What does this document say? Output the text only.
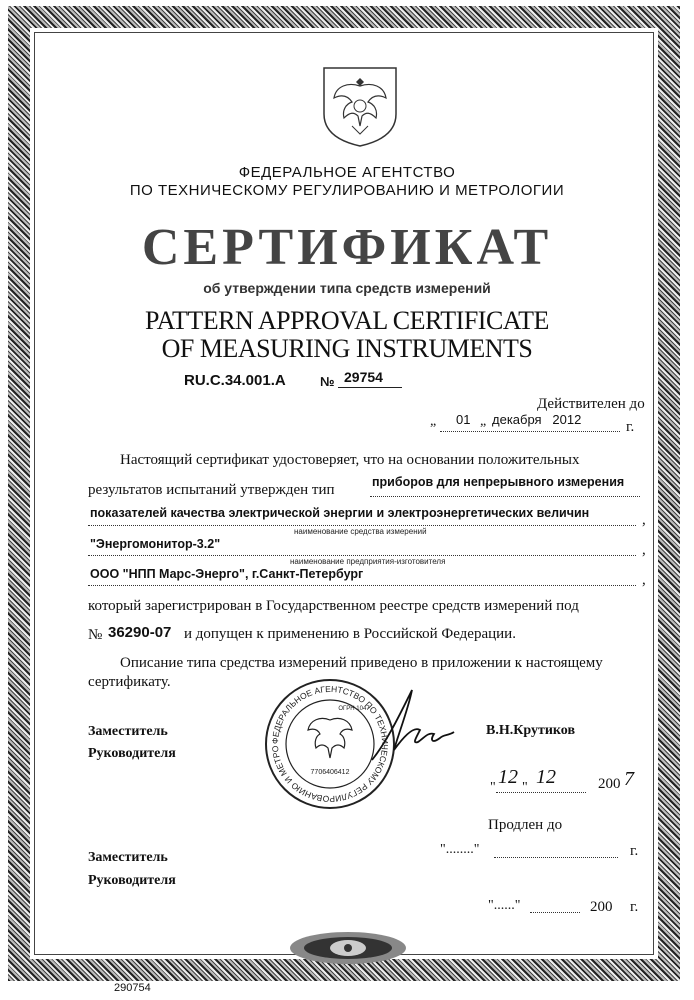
ФЕДЕРАЛЬНОЕ АГЕНТСТВО
ПО ТЕХНИЧЕСКОМУ РЕГУЛИРОВАНИЮ И МЕТРОЛОГИИ
СЕРТИФИКАТ
об утверждении типа средств измерений
PATTERN APPROVAL CERTIFICATE
OF MEASURING INSTRUMENTS
RU.C.34.001.A	№ 29754
Действителен до
„ 01 „ декабря   2012	г.
Настоящий сертификат удостоверяет, что на основании положительных
результатов испытаний утвержден тип	приборов для непрерывного измерения
показателей качества электрической энергии и электроэнергетических величин	,
наименование средства измерений
"Энергомонитор-3.2"	,
наименование предприятия-изготовителя
ООО "НПП Марс-Энерго", г.Санкт-Петербург	,
который зарегистрирован в Государственном реестре средств измерений под
№ 36290-07 и допущен к применению в Российской Федерации.
Описание типа средства измерений приведено в приложении к настоящему
сертификату.
ФЕДЕРАЛЬНОЕ АГЕНТСТВО ПО ТЕХНИЧЕСКОМУ РЕГУЛИРОВАНИЮ И МЕТРО
7706406412
ОГРН 1047
Заместитель
Руководителя
В.Н.Крутиков
" 12 " 12	200 7
Продлен до
"........"	г.
Заместитель
Руководителя
"......"	200 г.
290754
